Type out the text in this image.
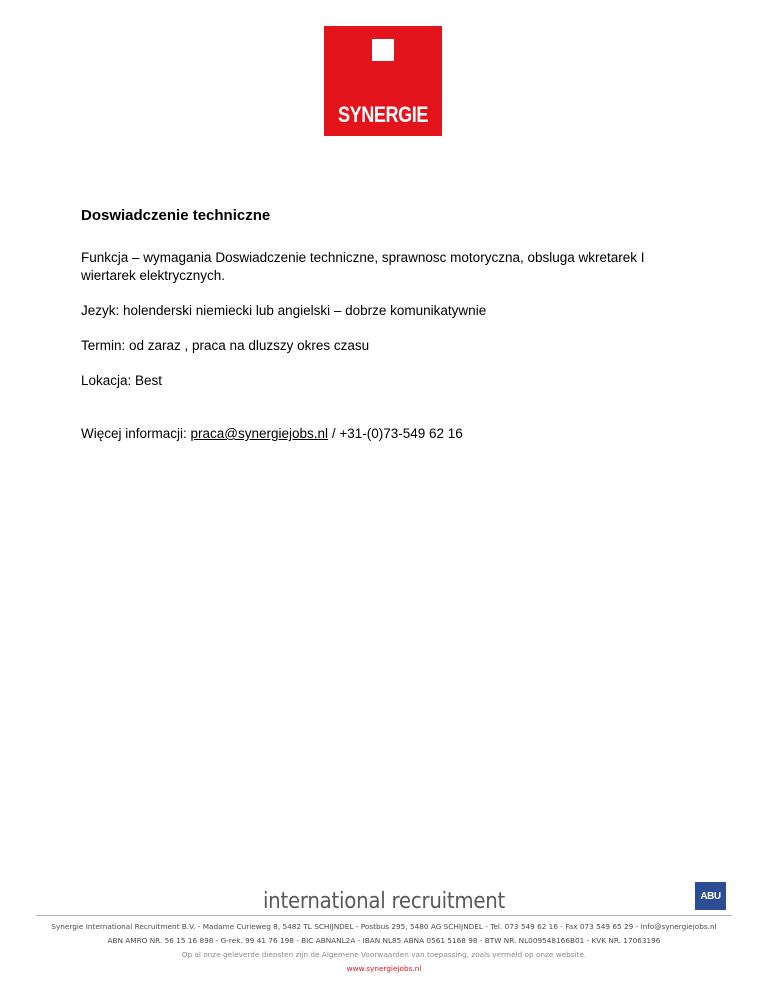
SYNERGIE
Doswiadczenie techniczne

Funkcja – wymagania Doswiadczenie techniczne, sprawnosc motoryczna, obsluga wkretarek I wiertarek elektrycznych.

Jezyk: holenderski niemiecki lub angielski – dobrze komunikatywnie

Termin: od zaraz , praca na dluzszy okres czasu

Lokacja: Best

Więcej informacji: praca@synergiejobs.nl / +31-(0)73-549 62 16

international recruitment	ABU
Synergie International Recruitment B.V. - Madame Curieweg 8, 5482 TL SCHIJNDEL - Postbus 295, 5480 AG SCHIJNDEL - Tel. 073 549 62 16 - Fax 073 549 65 29 - info@synergiejobs.nl
ABN AMRO NR. 56 15 16 898 - G-rek. 99 41 76 198 - BIC ABNANL2A - IBAN NL85 ABNA 0561 5168 98 - BTW NR. NL009548166B01 - KVK NR. 17063196
Op al onze geleverde diensten zijn de Algemene Voorwaarden van toepassing, zoals vermeld op onze website.
www.synergiejobs.nl
